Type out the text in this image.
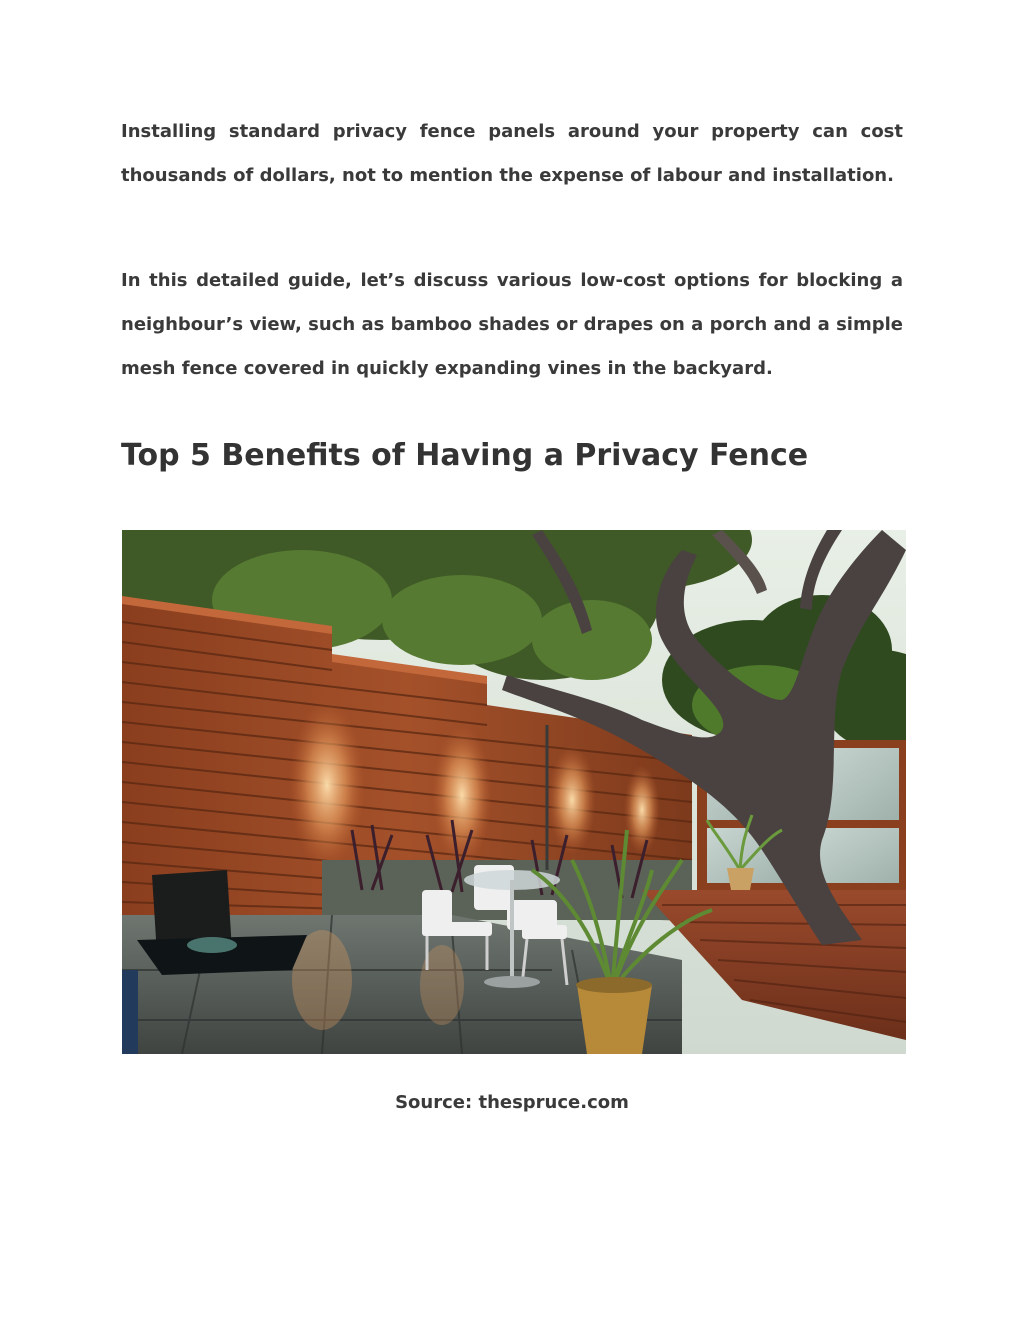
Installing standard privacy fence panels around your property can cost thousands of dollars, not to mention the expense of labour and installation.

In this detailed guide, let’s discuss various low-cost options for blocking a neighbour’s view, such as bamboo shades or drapes on a porch and a simple mesh fence covered in quickly expanding vines in the backyard.

Top 5 Benefits of Having a Privacy Fence

Source: thespruce.com
